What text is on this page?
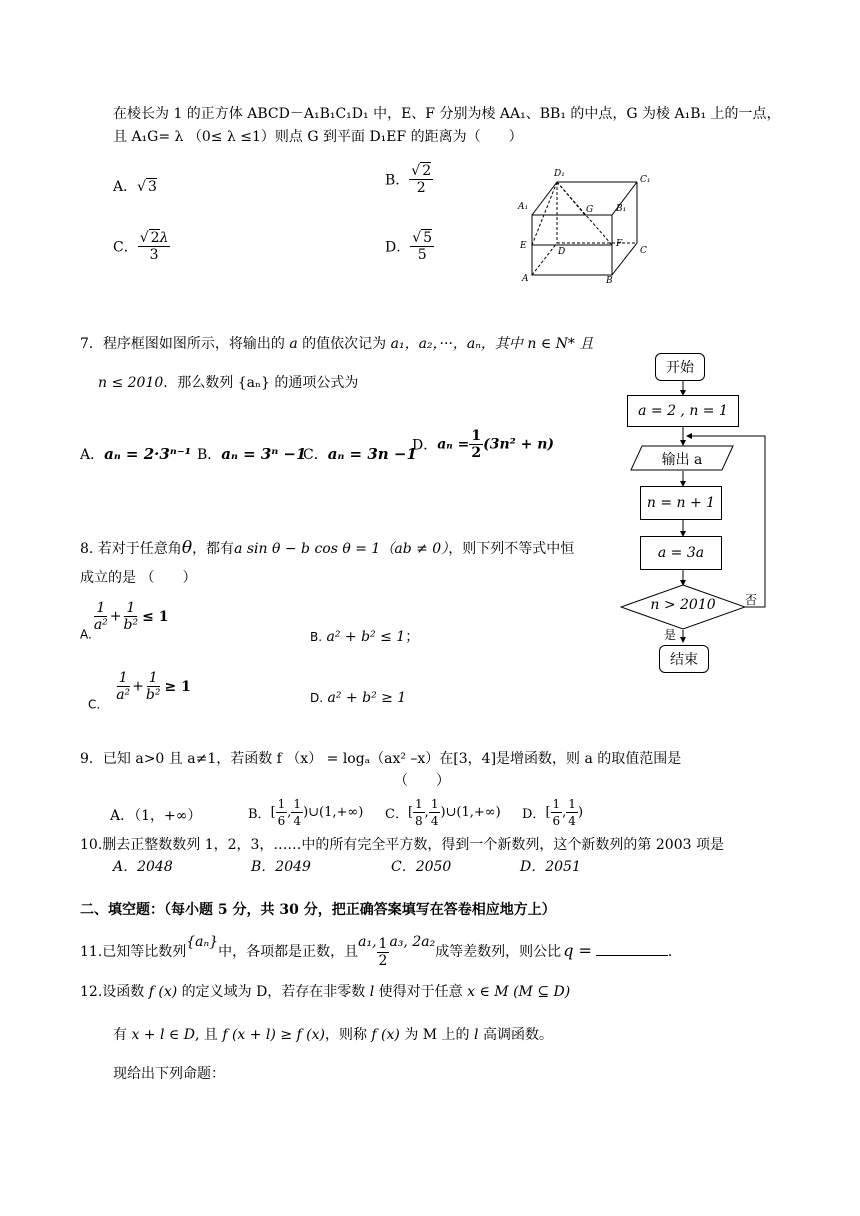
在棱长为 1 的正方体 ABCD－A₁B₁C₁D₁ 中，E、F 分别为棱 AA₁、BB₁ 的中点，G 为棱 A₁B₁ 上的一点，
且 A₁G= λ （0≤ λ ≤1）则点 G 到平面 D₁EF 的距离为（　　）
A．√ 3	B． $\frac{√ 2}{2}$
C． $\frac{√ 2\lambda}{3}$	D． $\frac{√ 5}{5}$
D₁
C₁
G
A₁	B₁
E	F
D	C
A	B
7．程序框图如图所示，将输出的 a 的值依次记为 a₁，a₂，···，aₙ，其中 n ∈ N* 且
n ≤ 2010．那么数列 {aₙ} 的通项公式为
A．aₙ = 2·3ⁿ⁻¹ B．aₙ = 3ⁿ −1
C．aₙ = 3n −1
D．$a_n = \frac{1}{2} (3n^2 + n)$
开始
a = 2 , n = 1
输出 a
n = n + 1
a = 3a
n > 2010	否
是
结束
8. 若对于任意角θ，都有a sin θ − b cos θ = 1（ab ≠ 0），则下列不等式中恒
成立的是 （　　）
A.
$\frac{1}{\text{a²}} + \frac{1}{\text{b²}} \le 1$
B. a² + b² ≤ 1；
C.
$\frac{1}{\text{a²}} + \frac{1}{\text{b²}} \ge 1$
D. a² + b² ≥ 1
9．已知 a>0 且 a≠1，若函数 f （x） = logₐ（ax² –x）在[3，4]是增函数，则 a 的取值范围是
（　　）
A．（1，+∞）	B．[ $\frac{1}{6}$ , $\frac{1}{4}$ )∪(1,+∞) C．[ $\frac{1}{8}$ , $\frac{1}{4}$ )∪(1,+∞) D．[ $\frac{1}{6}$ , $\frac{1}{4}$ )
10.删去正整数数列 1，2，3，……中的所有完全平方数，得到一个新数列，这个新数列的第 2003 项是
A．2048	B．2049	C．2050	D．2051
二、填空题：（每小题 5 分，共 30 分，把正确答案填写在答卷相应地方上）
11.已知等比数列{aₙ}中，各项都是正数，且a₁, $\frac{1}{2} a_3$, 2a₂成等差数列，则公比 q =	.
12.设函数 f (x) 的定义域为 D，若存在非零数 l 使得对于任意 x ∈ M (M ⊆ D)
有 x + l ∈ D, 且 f (x + l) ≥ f (x)，则称 f (x) 为 M 上的 l 高调函数。
现给出下列命题：
